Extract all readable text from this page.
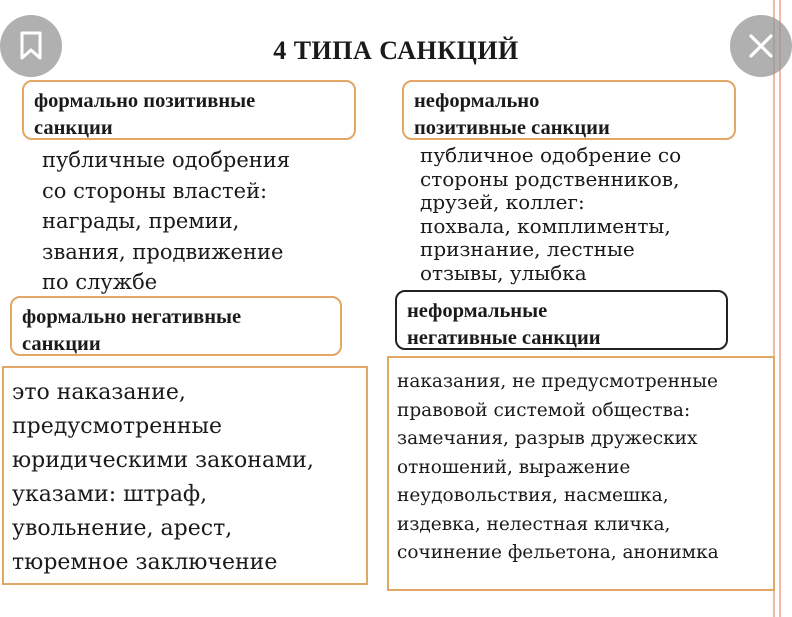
4 ТИПА САНКЦИЙ
формально позитивные
санкции
публичные одобрения
со стороны властей:
награды, премии,
звания, продвижение
по службе
неформально
позитивные санкции
публичное одобрение со
стороны родственников,
друзей, коллег:
похвала, комплименты,
признание, лестные
отзывы, улыбка
формально негативные
санкции
это наказание,
предусмотренные
юридическими законами,
указами: штраф,
увольнение, арест,
тюремное заключение
неформальные
негативные санкции
наказания, не предусмотренные
правовой системой общества:
замечания, разрыв дружеских
отношений, выражение
неудовольствия, насмешка,
издевка, нелестная кличка,
сочинение фельетона, анонимка
